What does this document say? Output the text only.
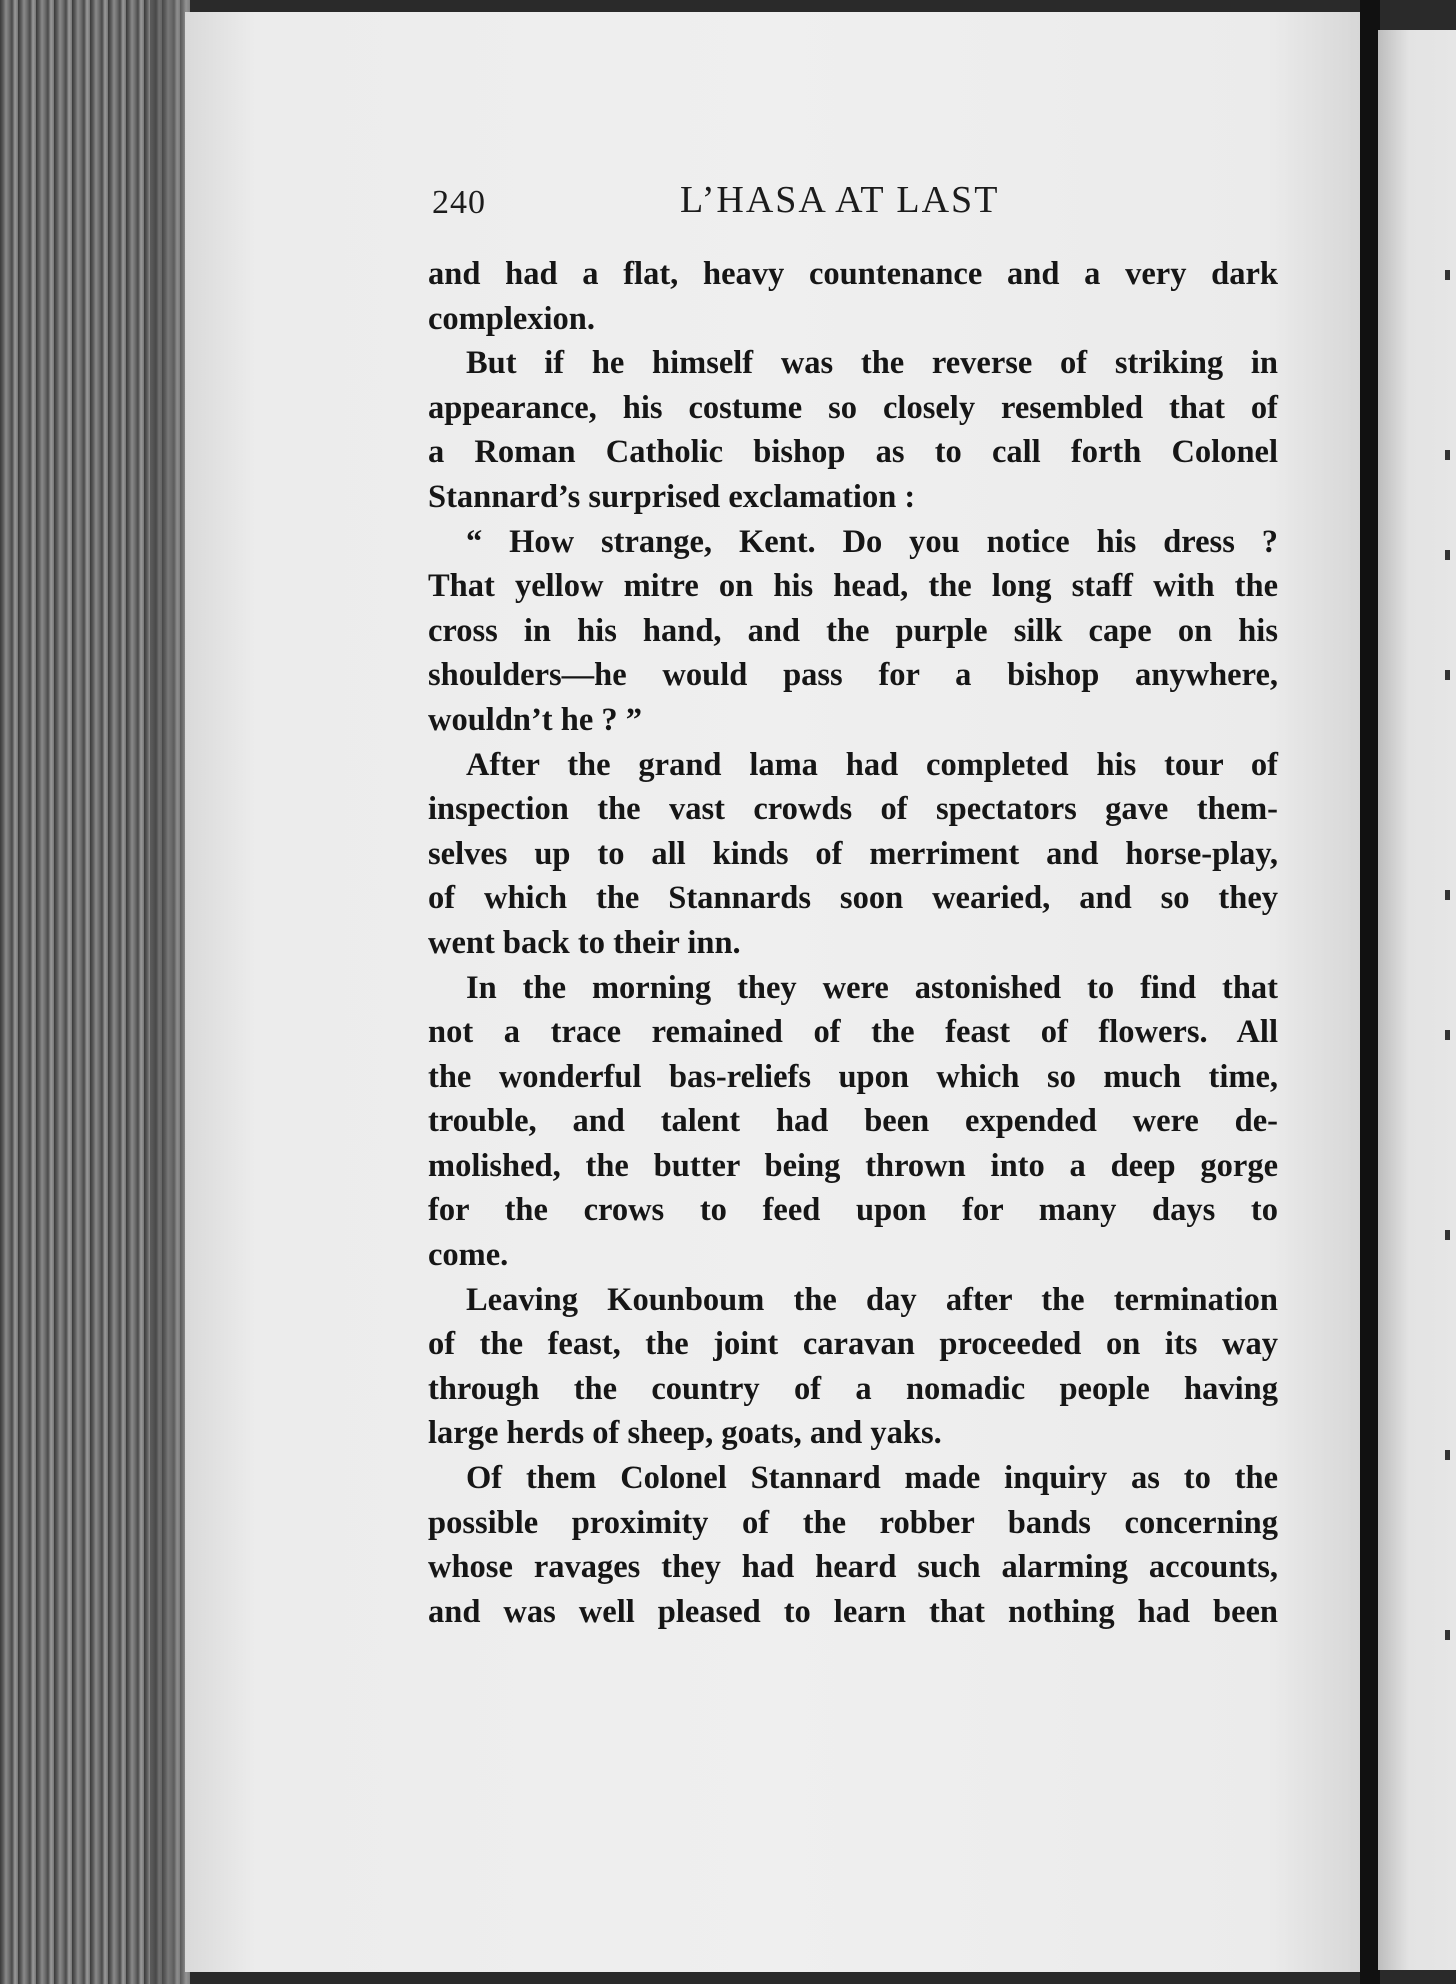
240	L’HASA AT LAST

and had a flat, heavy countenance and a very dark
complexion.

But if he himself was the reverse of striking in
appearance, his costume so closely resembled that of
a Roman Catholic bishop as to call forth Colonel
Stannard’s surprised exclamation :

“ How strange, Kent. Do you notice his dress ?
That yellow mitre on his head, the long staff with the
cross in his hand, and the purple silk cape on his
shoulders—he would pass for a bishop anywhere,
wouldn’t he ? ”

After the grand lama had completed his tour of
inspection the vast crowds of spectators gave them-
selves up to all kinds of merriment and horse-play,
of which the Stannards soon wearied, and so they
went back to their inn.

In the morning they were astonished to find that
not a trace remained of the feast of flowers. All
the wonderful bas-reliefs upon which so much time,
trouble, and talent had been expended were de-
molished, the butter being thrown into a deep gorge
for the crows to feed upon for many days to
come.

Leaving Kounboum the day after the termination
of the feast, the joint caravan proceeded on its way
through the country of a nomadic people having
large herds of sheep, goats, and yaks.

Of them Colonel Stannard made inquiry as to the
possible proximity of the robber bands concerning
whose ravages they had heard such alarming accounts,
and was well pleased to learn that nothing had been
